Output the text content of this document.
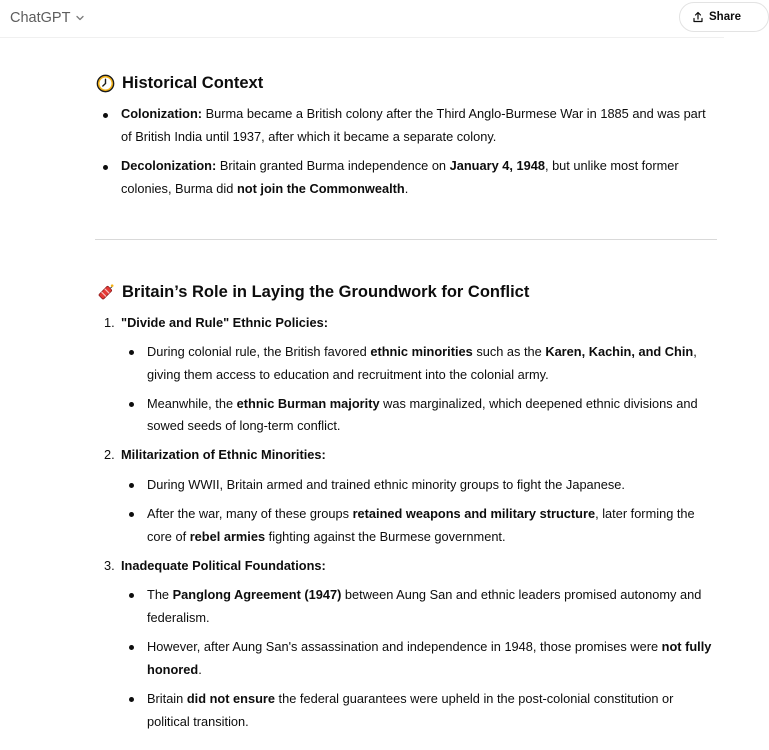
ChatGPT	Share
Historical Context
Colonization: Burma became a British colony after the Third Anglo-Burmese War in 1885 and was part
of British India until 1937, after which it became a separate colony.
Decolonization: Britain granted Burma independence on January 4, 1948, but unlike most former
colonies, Burma did not join the Commonwealth.
Britain’s Role in Laying the Groundwork for Conflict
1. "Divide and Rule" Ethnic Policies:
During colonial rule, the British favored ethnic minorities such as the Karen, Kachin, and Chin,
giving them access to education and recruitment into the colonial army.
Meanwhile, the ethnic Burman majority was marginalized, which deepened ethnic divisions and
sowed seeds of long-term conflict.
2. Militarization of Ethnic Minorities:
During WWII, Britain armed and trained ethnic minority groups to fight the Japanese.
After the war, many of these groups retained weapons and military structure, later forming the
core of rebel armies fighting against the Burmese government.
3. Inadequate Political Foundations:
The Panglong Agreement (1947) between Aung San and ethnic leaders promised autonomy and
federalism.
However, after Aung San's assassination and independence in 1948, those promises were not fully
honored.
Britain did not ensure the federal guarantees were upheld in the post-colonial constitution or
political transition.
